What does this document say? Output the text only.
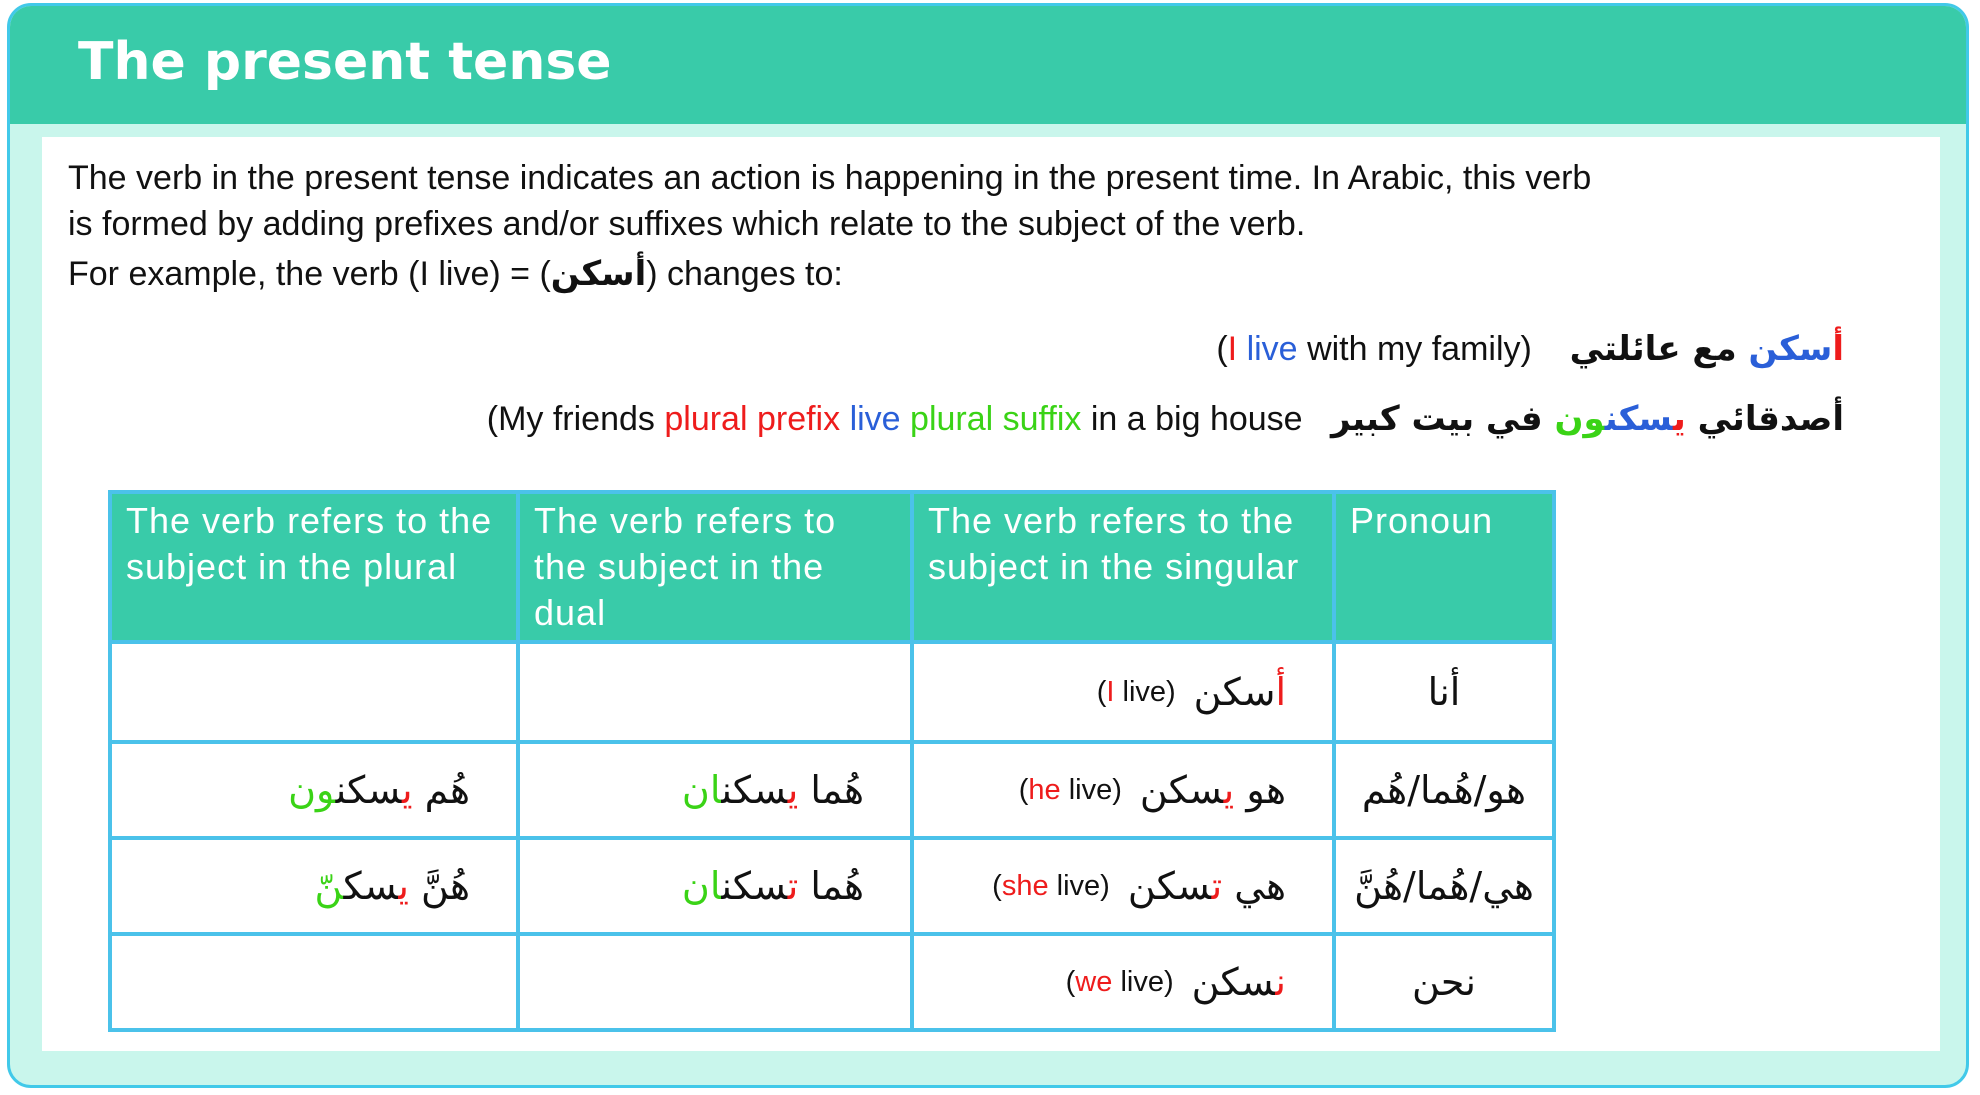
The present tense
The verb in the present tense indicates an action is happening in the present time. In Arabic, this verb
is formed by adding prefixes and/or suffixes which relate to the subject of the verb.
For example, the verb (I live) = (أسكن) changes to:
(I live with my family)	أسكن مع عائلتي
(My friends plural prefix live plural suffix in a big house	أصدقائي يسكنون في بيت كبير
The verb refers to the subject in the plural	The verb refers to the subject in the dual	The verb refers to the subject in the singular	Pronoun

		(I live) أسكن	أنا

هُم يسكنون	هُما يسكنان	(he live) هو يسكن	هو/هُما/هُم

هُنَّ يسكنّ	هُما تسكنان	(she live) هي تسكن	هي/هُما/هُنَّ

		(we live) نسكن	نحن
